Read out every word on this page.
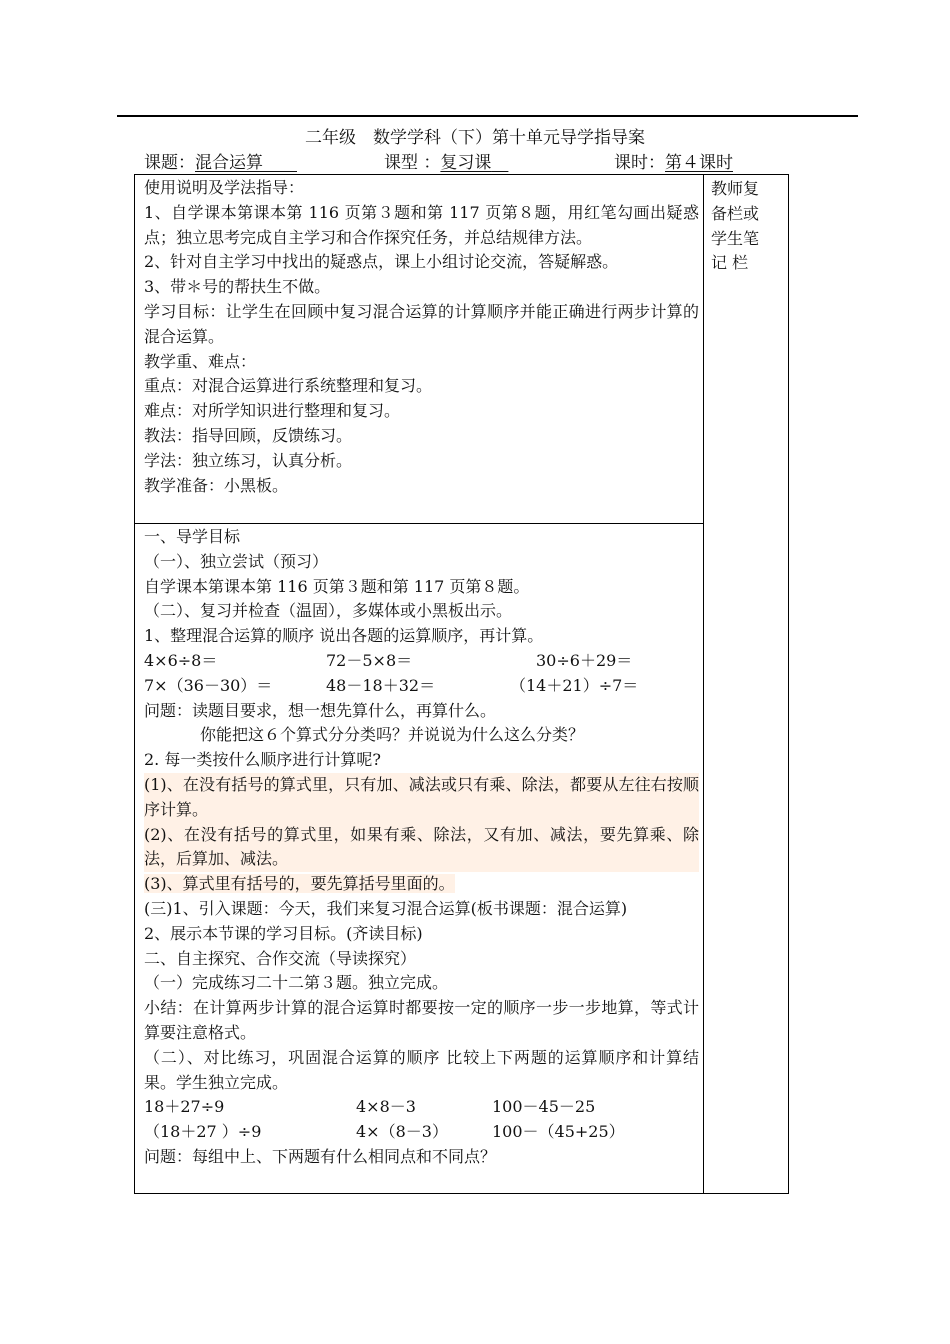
二年级　数学学科（下）第十单元导学指导案
课题：混合运算　　	课型 ：复习课　	课时：第４课时
使用说明及学法指导：
1、自学课本第课本第 116 页第３题和第 117 页第８题，用红笔勾画出疑惑点；独立思考完成自主学习和合作探究任务，并总结规律方法。
2、针对自主学习中找出的疑惑点，课上小组讨论交流，答疑解惑。
3、带＊号的帮扶生不做。
学习目标：让学生在回顾中复习混合运算的计算顺序并能正确进行两步计算的混合运算。
教学重、难点：
重点：对混合运算进行系统整理和复习。
难点：对所学知识进行整理和复习。
教法：指导回顾，反馈练习。
学法：独立练习，认真分析。
教学准备：小黑板。
教师复
备栏或
学生笔
记 栏
一、导学目标
（一）、独立尝试（预习）
自学课本第课本第 116 页第３题和第 117 页第８题。
（二）、复习并检查（温固），多媒体或小黑板出示。
1、整理混合运算的顺序 说出各题的运算顺序，再计算。
4×6÷8＝	72－5×8＝	30÷6＋29＝
7×（36－30）＝	48－18＋32＝	（14＋21）÷7＝
问题：读题目要求，想一想先算什么，再算什么。
你能把这６个算式分分类吗？并说说为什么这么分类？
2. 每一类按什么顺序进行计算呢?
(1)、在没有括号的算式里，只有加、减法或只有乘、除法，都要从左往右按顺序计算。
(2)、在没有括号的算式里，如果有乘、除法，又有加、减法，要先算乘、除法，后算加、减法。
(3)、算式里有括号的，要先算括号里面的。
(三)1、引入课题：今天，我们来复习混合运算(板书课题：混合运算)
2、展示本节课的学习目标。(齐读目标)
二、自主探究、合作交流（导读探究）
（一）完成练习二十二第３题。独立完成。
小结：在计算两步计算的混合运算时都要按一定的顺序一步一步地算，等式计算要注意格式。
（二）、对比练习，巩固混合运算的顺序 比较上下两题的运算顺序和计算结果。学生独立完成。
18＋27÷9	4×8－3	100－45－25
（18＋27 ）÷9	4×（8－3）	100－（45+25）
问题：每组中上、下两题有什么相同点和不同点？
